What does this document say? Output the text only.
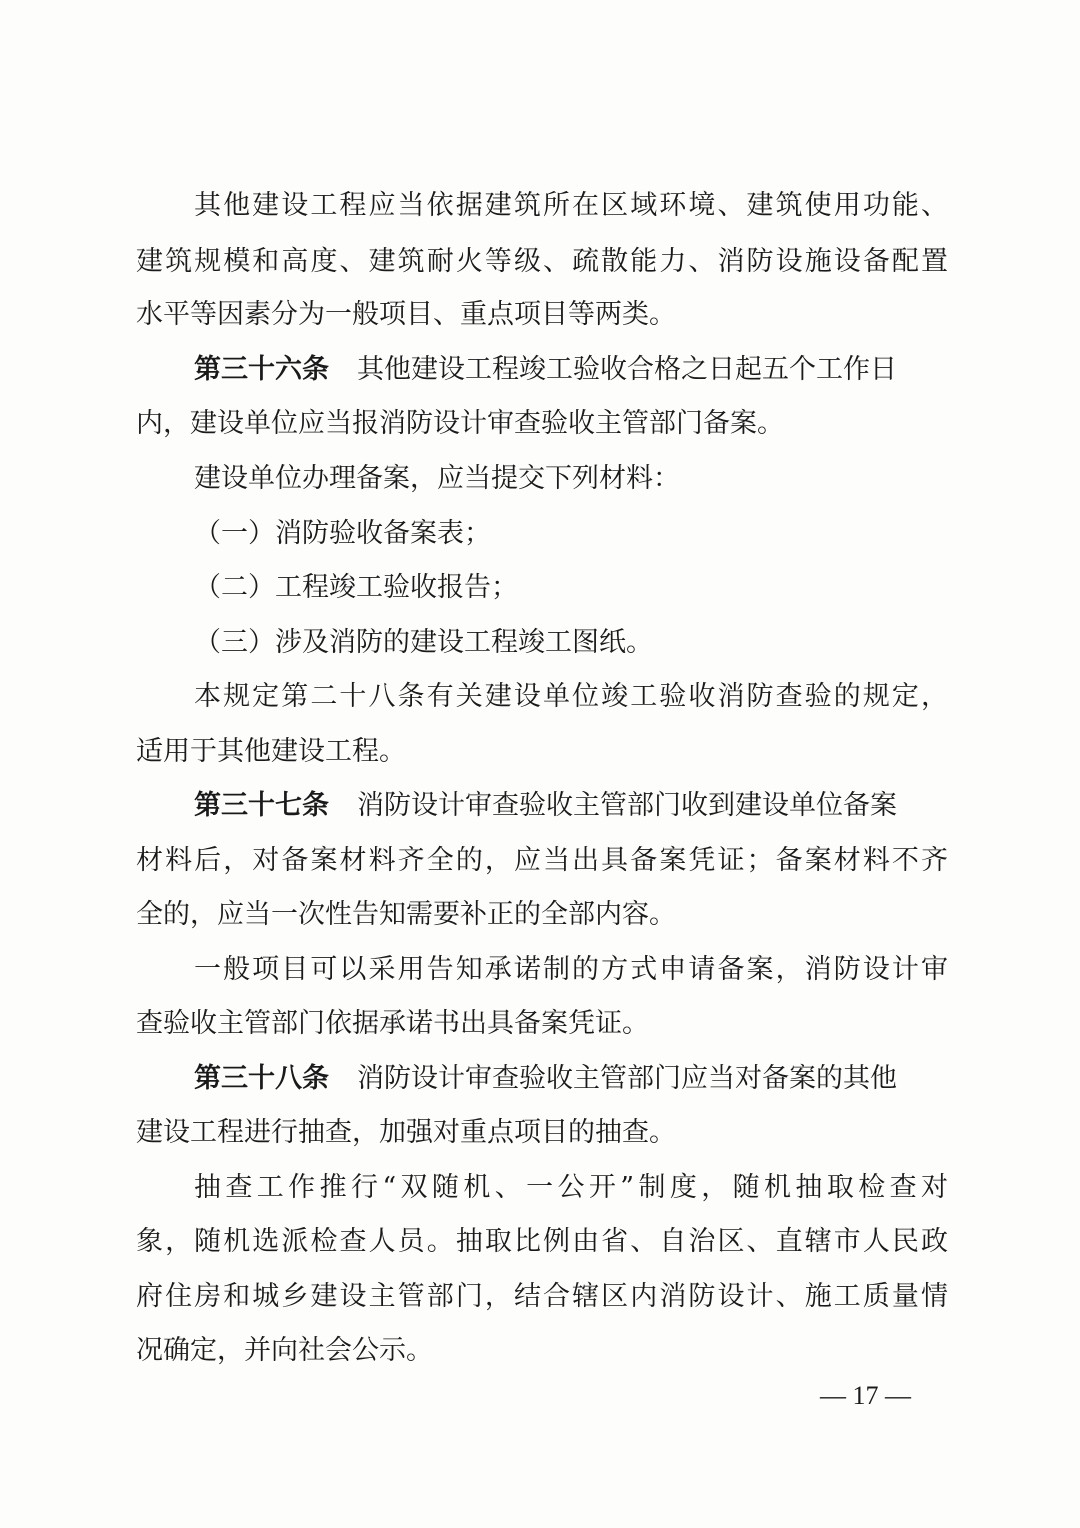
其他建设工程应当依据建筑所在区域环境、建筑使用功能、
建筑规模和高度、建筑耐火等级、疏散能力、消防设施设备配置
水平等因素分为一般项目、重点项目等两类。
第三十六条 其他建设工程竣工验收合格之日起五个工作日
内，建设单位应当报消防设计审查验收主管部门备案。
建设单位办理备案，应当提交下列材料：
（一）消防验收备案表；
（二）工程竣工验收报告；
（三）涉及消防的建设工程竣工图纸。
本规定第二十八条有关建设单位竣工验收消防查验的规定，
适用于其他建设工程。
第三十七条 消防设计审查验收主管部门收到建设单位备案
材料后，对备案材料齐全的，应当出具备案凭证；备案材料不齐
全的，应当一次性告知需要补正的全部内容。
一般项目可以采用告知承诺制的方式申请备案，消防设计审
查验收主管部门依据承诺书出具备案凭证。
第三十八条 消防设计审查验收主管部门应当对备案的其他
建设工程进行抽查，加强对重点项目的抽查。
抽查工作推行“双随机、一公开”制度，随机抽取检查对
象，随机选派检查人员。抽取比例由省、自治区、直辖市人民政
府住房和城乡建设主管部门，结合辖区内消防设计、施工质量情
况确定，并向社会公示。
— 17 —
